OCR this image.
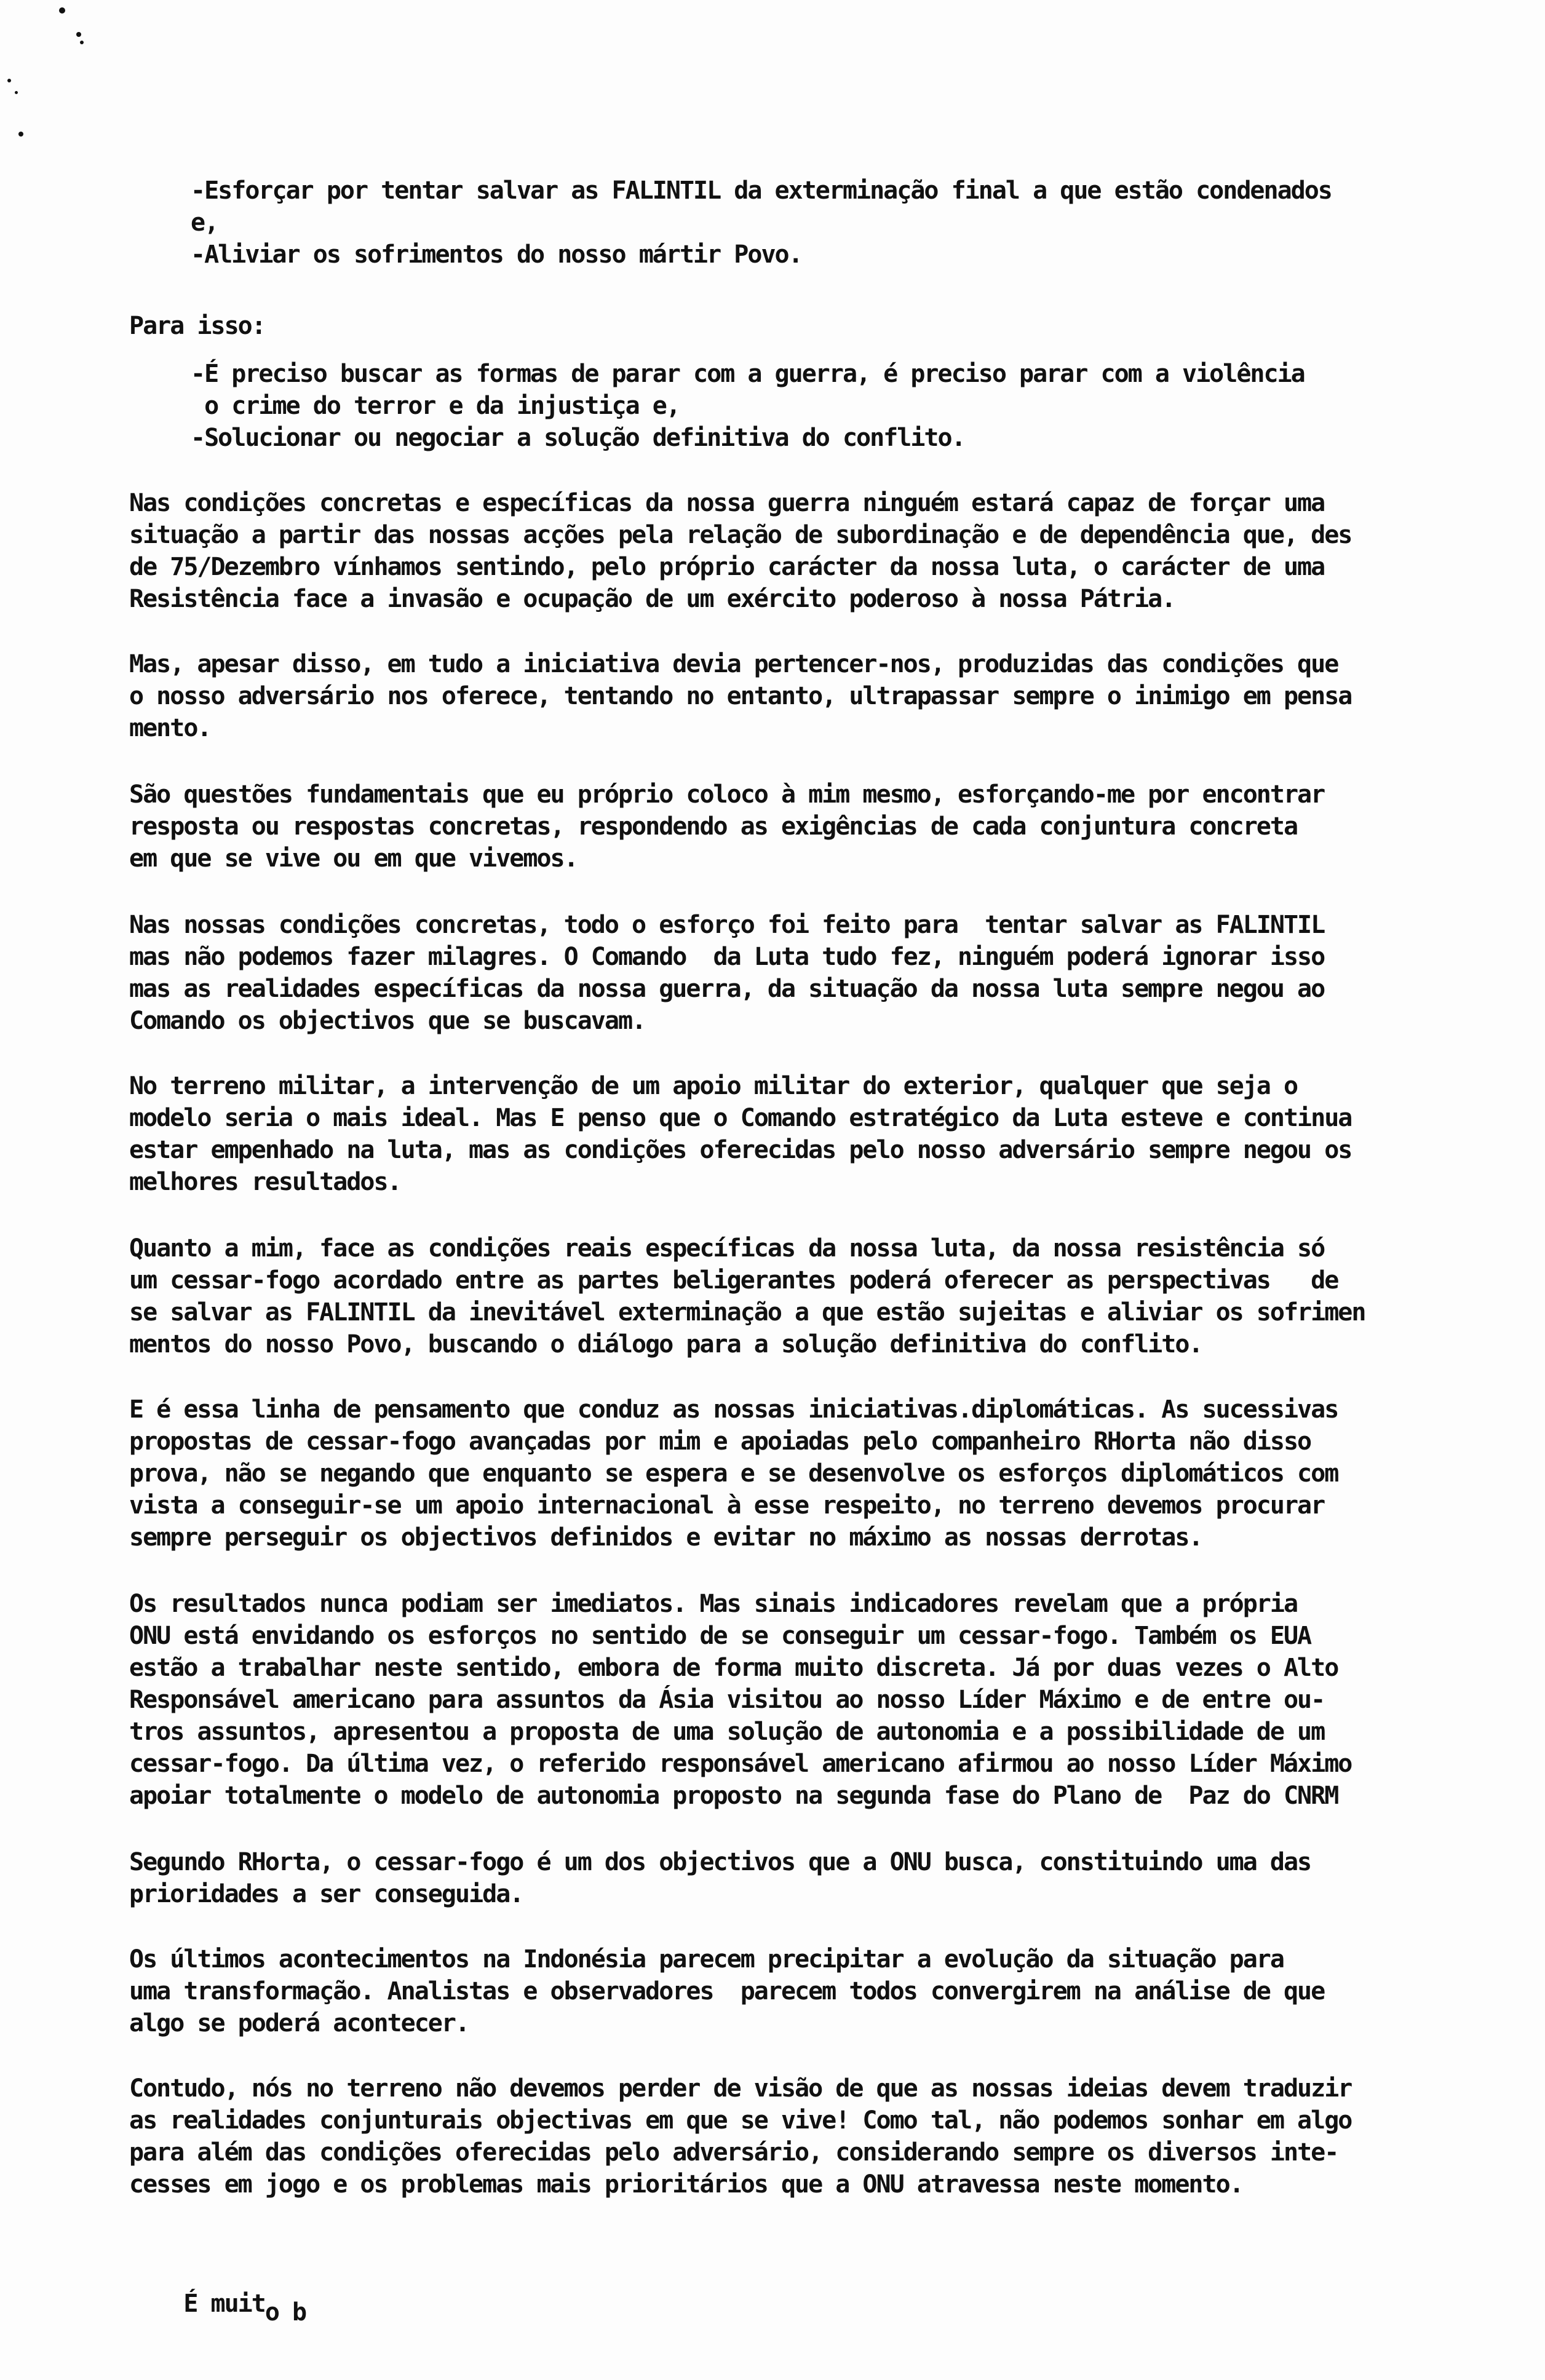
-Esforçar por tentar salvar as FALINTIL da exterminação final a que estão condenados
e,
-Aliviar os sofrimentos do nosso mártir Povo.
Para isso:
-É preciso buscar as formas de parar com a guerra, é preciso parar com a violência
o crime do terror e da injustiça e,
-Solucionar ou negociar a solução definitiva do conflito.
Nas condições concretas e específicas da nossa guerra ninguém estará capaz de forçar uma
situação a partir das nossas acções pela relação de subordinação e de dependência que, des
de 75/Dezembro vínhamos sentindo, pelo próprio carácter da nossa luta, o carácter de uma
Resistência face a invasão e ocupação de um exército poderoso à nossa Pátria.
Mas, apesar disso, em tudo a iniciativa devia pertencer-nos, produzidas das condições que
o nosso adversário nos oferece, tentando no entanto, ultrapassar sempre o inimigo em pensa
mento.
São questões fundamentais que eu próprio coloco à mim mesmo, esforçando-me por encontrar
resposta ou respostas concretas, respondendo as exigências de cada conjuntura concreta
em que se vive ou em que vivemos.
Nas nossas condições concretas, todo o esforço foi feito para  tentar salvar as FALINTIL
mas não podemos fazer milagres. O Comando  da Luta tudo fez, ninguém poderá ignorar isso
mas as realidades específicas da nossa guerra, da situação da nossa luta sempre negou ao
Comando os objectivos que se buscavam.
No terreno militar, a intervenção de um apoio militar do exterior, qualquer que seja o
modelo seria o mais ideal. Mas E penso que o Comando estratégico da Luta esteve e continua
estar empenhado na luta, mas as condições oferecidas pelo nosso adversário sempre negou os
melhores resultados.
Quanto a mim, face as condições reais específicas da nossa luta, da nossa resistência só
um cessar-fogo acordado entre as partes beligerantes poderá oferecer as perspectivas   de
se salvar as FALINTIL da inevitável exterminação a que estão sujeitas e aliviar os sofrimen
mentos do nosso Povo, buscando o diálogo para a solução definitiva do conflito.
E é essa linha de pensamento que conduz as nossas iniciativas.diplomáticas. As sucessivas
propostas de cessar-fogo avançadas por mim e apoiadas pelo companheiro RHorta não disso
prova, não se negando que enquanto se espera e se desenvolve os esforços diplomáticos com
vista a conseguir-se um apoio internacional à esse respeito, no terreno devemos procurar
sempre perseguir os objectivos definidos e evitar no máximo as nossas derrotas.
Os resultados nunca podiam ser imediatos. Mas sinais indicadores revelam que a própria
ONU está envidando os esforços no sentido de se conseguir um cessar-fogo. Também os EUA
estão a trabalhar neste sentido, embora de forma muito discreta. Já por duas vezes o Alto
Responsável americano para assuntos da Ásia visitou ao nosso Líder Máximo e de entre ou-
tros assuntos, apresentou a proposta de uma solução de autonomia e a possibilidade de um
cessar-fogo. Da última vez, o referido responsável americano afirmou ao nosso Líder Máximo
apoiar totalmente o modelo de autonomia proposto na segunda fase do Plano de  Paz do CNRM
Segundo RHorta, o cessar-fogo é um dos objectivos que a ONU busca, constituindo uma das
prioridades a ser conseguida.
Os últimos acontecimentos na Indonésia parecem precipitar a evolução da situação para
uma transformação. Analistas e observadores  parecem todos convergirem na análise de que
algo se poderá acontecer.
Contudo, nós no terreno não devemos perder de visão de que as nossas ideias devem traduzir
as realidades conjunturais objectivas em que se vive! Como tal, não podemos sonhar em algo
para além das condições oferecidas pelo adversário, considerando sempre os diversos inte-
cesses em jogo e os problemas mais prioritários que a ONU atravessa neste momento.

É muito b
